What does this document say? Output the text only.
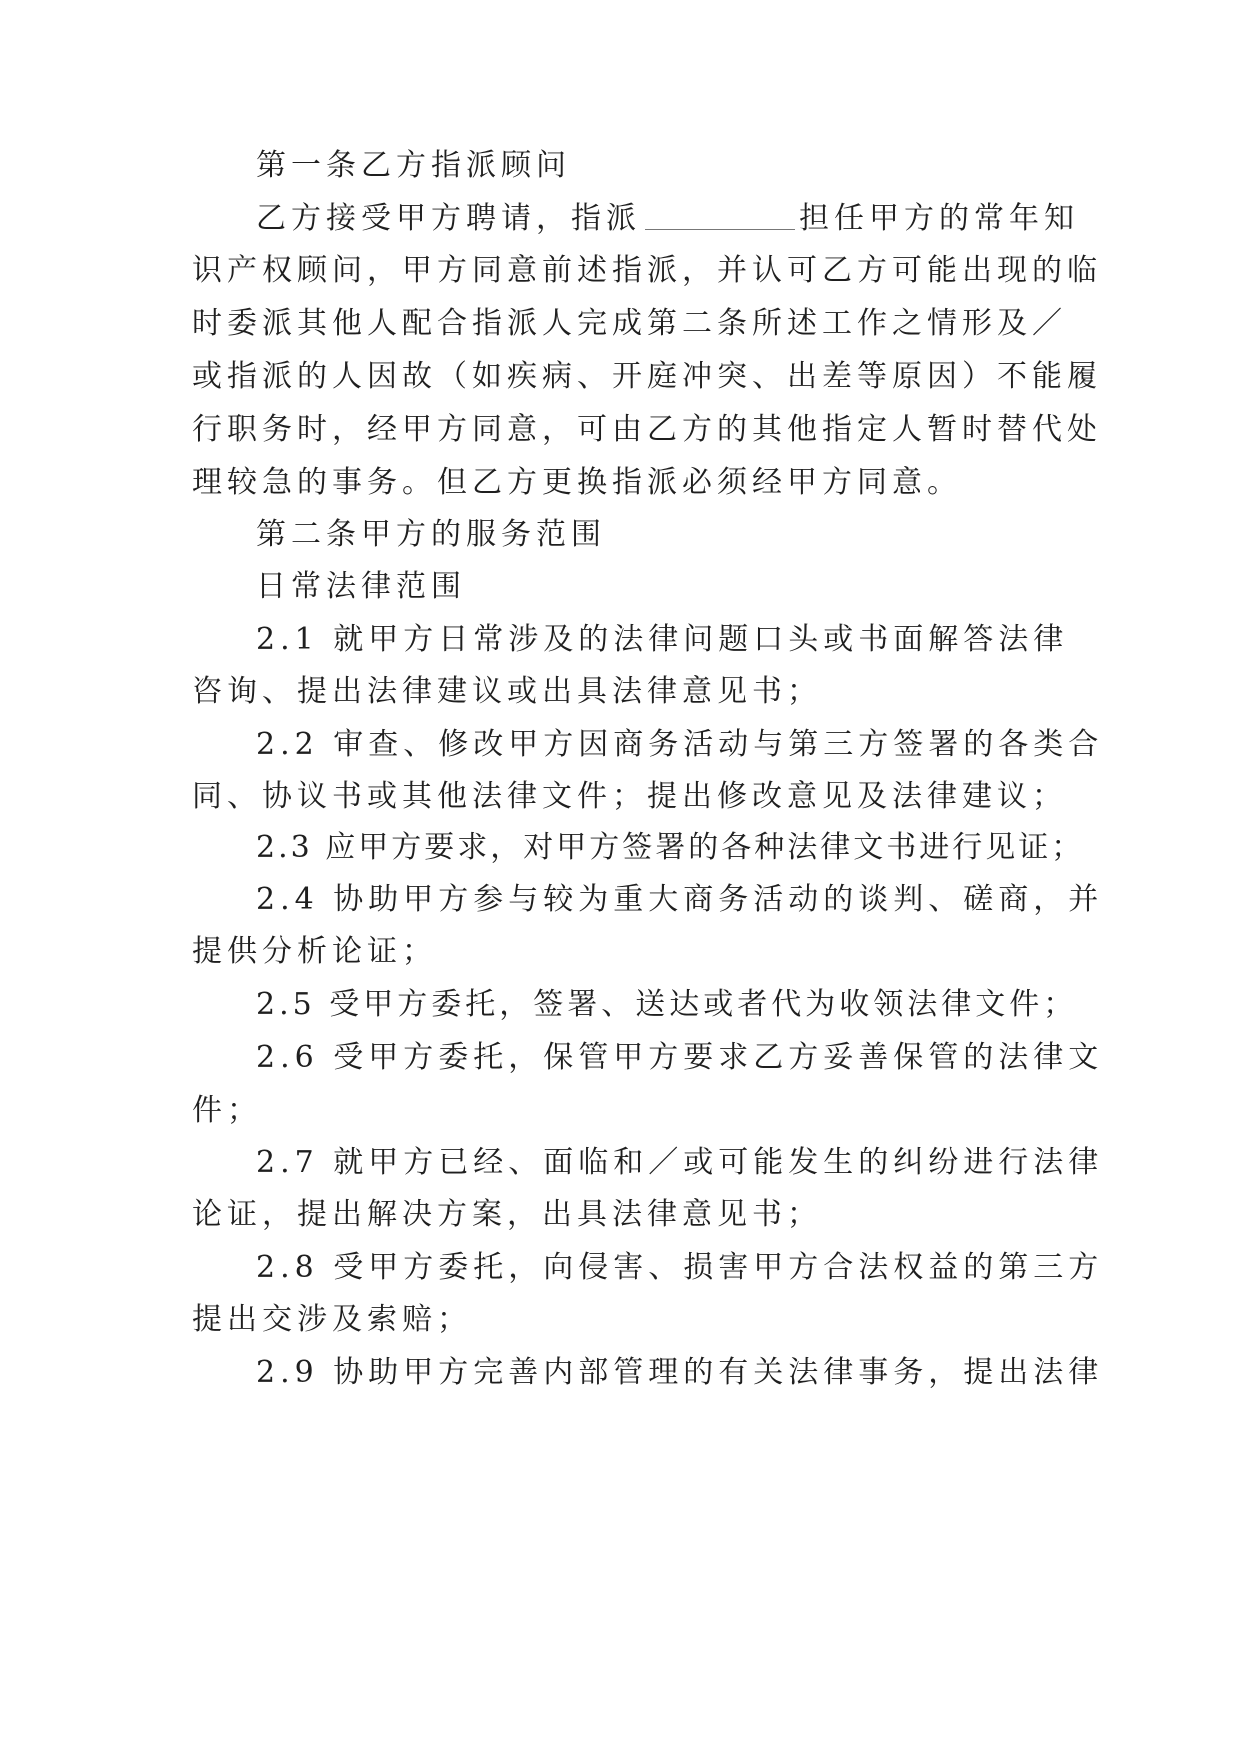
第一条乙方指派顾问
乙方接受甲方聘请，指派	担任甲方的常年知
识产权顾问，甲方同意前述指派，并认可乙方可能出现的临
时委派其他人配合指派人完成第二条所述工作之情形及／
或指派的人因故（如疾病、开庭冲突、出差等原因）不能履
行职务时，经甲方同意，可由乙方的其他指定人暂时替代处
理较急的事务。但乙方更换指派必须经甲方同意。
第二条甲方的服务范围
日常法律范围
2.1 就甲方日常涉及的法律问题口头或书面解答法律
咨询、提出法律建议或出具法律意见书；
2.2 审查、修改甲方因商务活动与第三方签署的各类合
同、协议书或其他法律文件；提出修改意见及法律建议；
2.3 应甲方要求，对甲方签署的各种法律文书进行见证；
2.4 协助甲方参与较为重大商务活动的谈判、磋商，并
提供分析论证；
2.5 受甲方委托，签署、送达或者代为收领法律文件；
2.6 受甲方委托，保管甲方要求乙方妥善保管的法律文
件；
2.7 就甲方已经、面临和／或可能发生的纠纷进行法律
论证，提出解决方案，出具法律意见书；
2.8 受甲方委托，向侵害、损害甲方合法权益的第三方
提出交涉及索赔；
2.9 协助甲方完善内部管理的有关法律事务，提出法律
